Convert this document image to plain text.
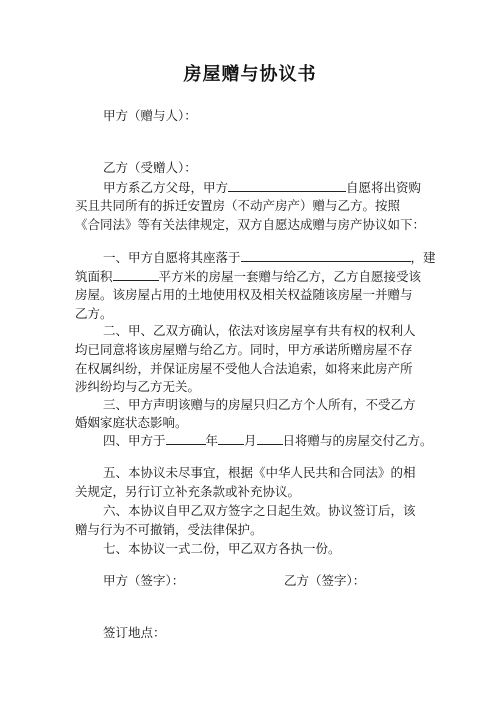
房屋赠与协议书
甲方（赠与人）：
乙方（受赠人）：
甲方系乙方父母，甲方	自愿将出资购
买且共同所有的拆迁安置房（不动产房产）赠与乙方。按照
《合同法》等有关法律规定，双方自愿达成赠与房产协议如下：
一、甲方自愿将其座落于	，建
筑面积	平方米的房屋一套赠与给乙方，乙方自愿接受该
房屋。该房屋占用的土地使用权及相关权益随该房屋一并赠与
乙方。
二、甲、乙双方确认，依法对该房屋享有共有权的权利人
均已同意将该房屋赠与给乙方。同时，甲方承诺所赠房屋不存
在权属纠纷，并保证房屋不受他人合法追索，如将来此房产所
涉纠纷均与乙方无关。
三、甲方声明该赠与的房屋只归乙方个人所有，不受乙方
婚姻家庭状态影响。
四、甲方于	年 月 日将赠与的房屋交付乙方。
五、本协议未尽事宜，根据《中华人民共和合同法》的相
关规定，另行订立补充条款或补充协议。
六、本协议自甲乙双方签字之日起生效。协议签订后，该
赠与行为不可撤销，受法律保护。
七、本协议一式二份，甲乙双方各执一份。
甲方（签字）：	乙方（签字）：
签订地点：
